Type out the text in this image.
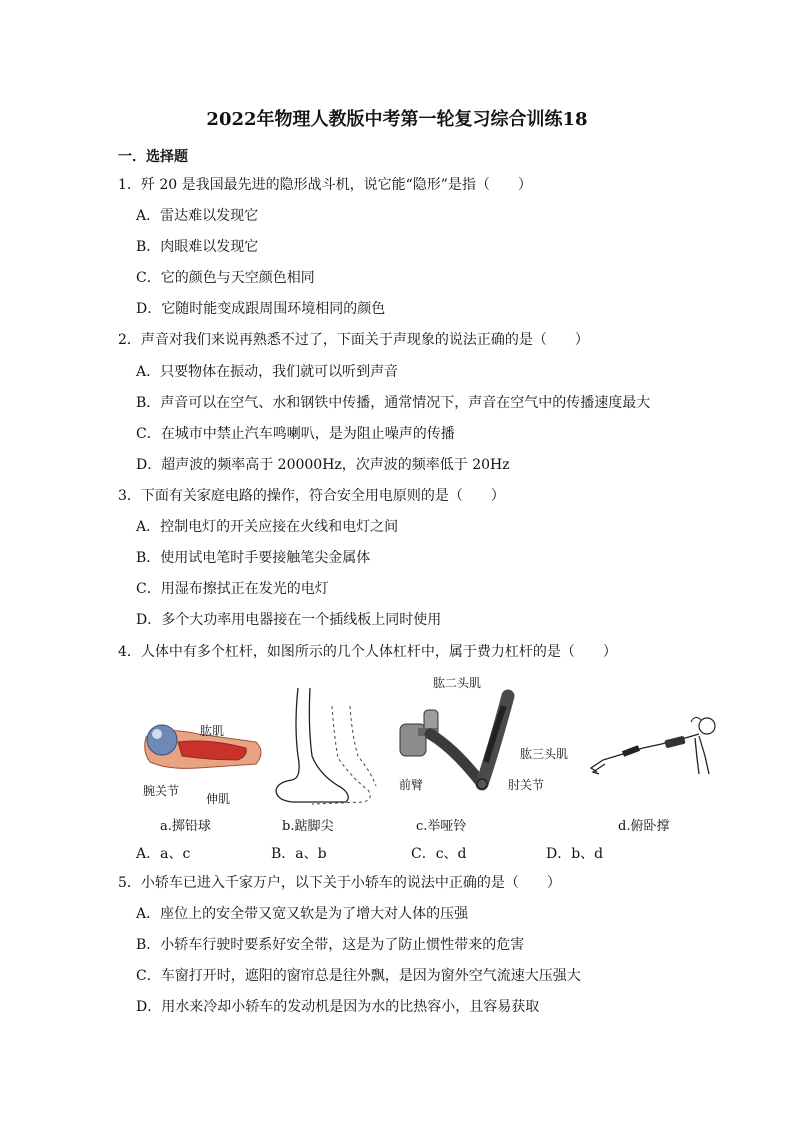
2022年物理人教版中考第一轮复习综合训练18
一．选择题
1．歼 20 是我国最先进的隐形战斗机，说它能“隐形”是指（　　）
A．雷达难以发现它
B．肉眼难以发现它
C．它的颜色与天空颜色相同
D．它随时能变成跟周围环境相同的颜色
2．声音对我们来说再熟悉不过了，下面关于声现象的说法正确的是（　　）
A．只要物体在振动，我们就可以听到声音
B．声音可以在空气、水和钢铁中传播，通常情况下，声音在空气中的传播速度最大
C．在城市中禁止汽车鸣喇叭，是为阻止噪声的传播
D．超声波的频率高于 20000Hz，次声波的频率低于 20Hz
3．下面有关家庭电路的操作，符合安全用电原则的是（　　）
A．控制电灯的开关应接在火线和电灯之间
B．使用试电笔时手要接触笔尖金属体
C．用湿布擦拭正在发光的电灯
D．多个大功率用电器接在一个插线板上同时使用
4．人体中有多个杠杆，如图所示的几个人体杠杆中，属于费力杠杆的是（　　）
肱肌
腕关节
伸肌
a.掷铅球	b.踮脚尖
肱二头肌
肱三头肌
前臂	肘关节
c.举哑铃	d.俯卧撑
A．a、c	B．a、b	C．c、d	D．b、d
5．小轿车已进入千家万户，以下关于小轿车的说法中正确的是（　　）
A．座位上的安全带又宽又软是为了增大对人体的压强
B．小轿车行驶时要系好安全带，这是为了防止惯性带来的危害
C．车窗打开时，遮阳的窗帘总是往外飘，是因为窗外空气流速大压强大
D．用水来冷却小轿车的发动机是因为水的比热容小，且容易获取
